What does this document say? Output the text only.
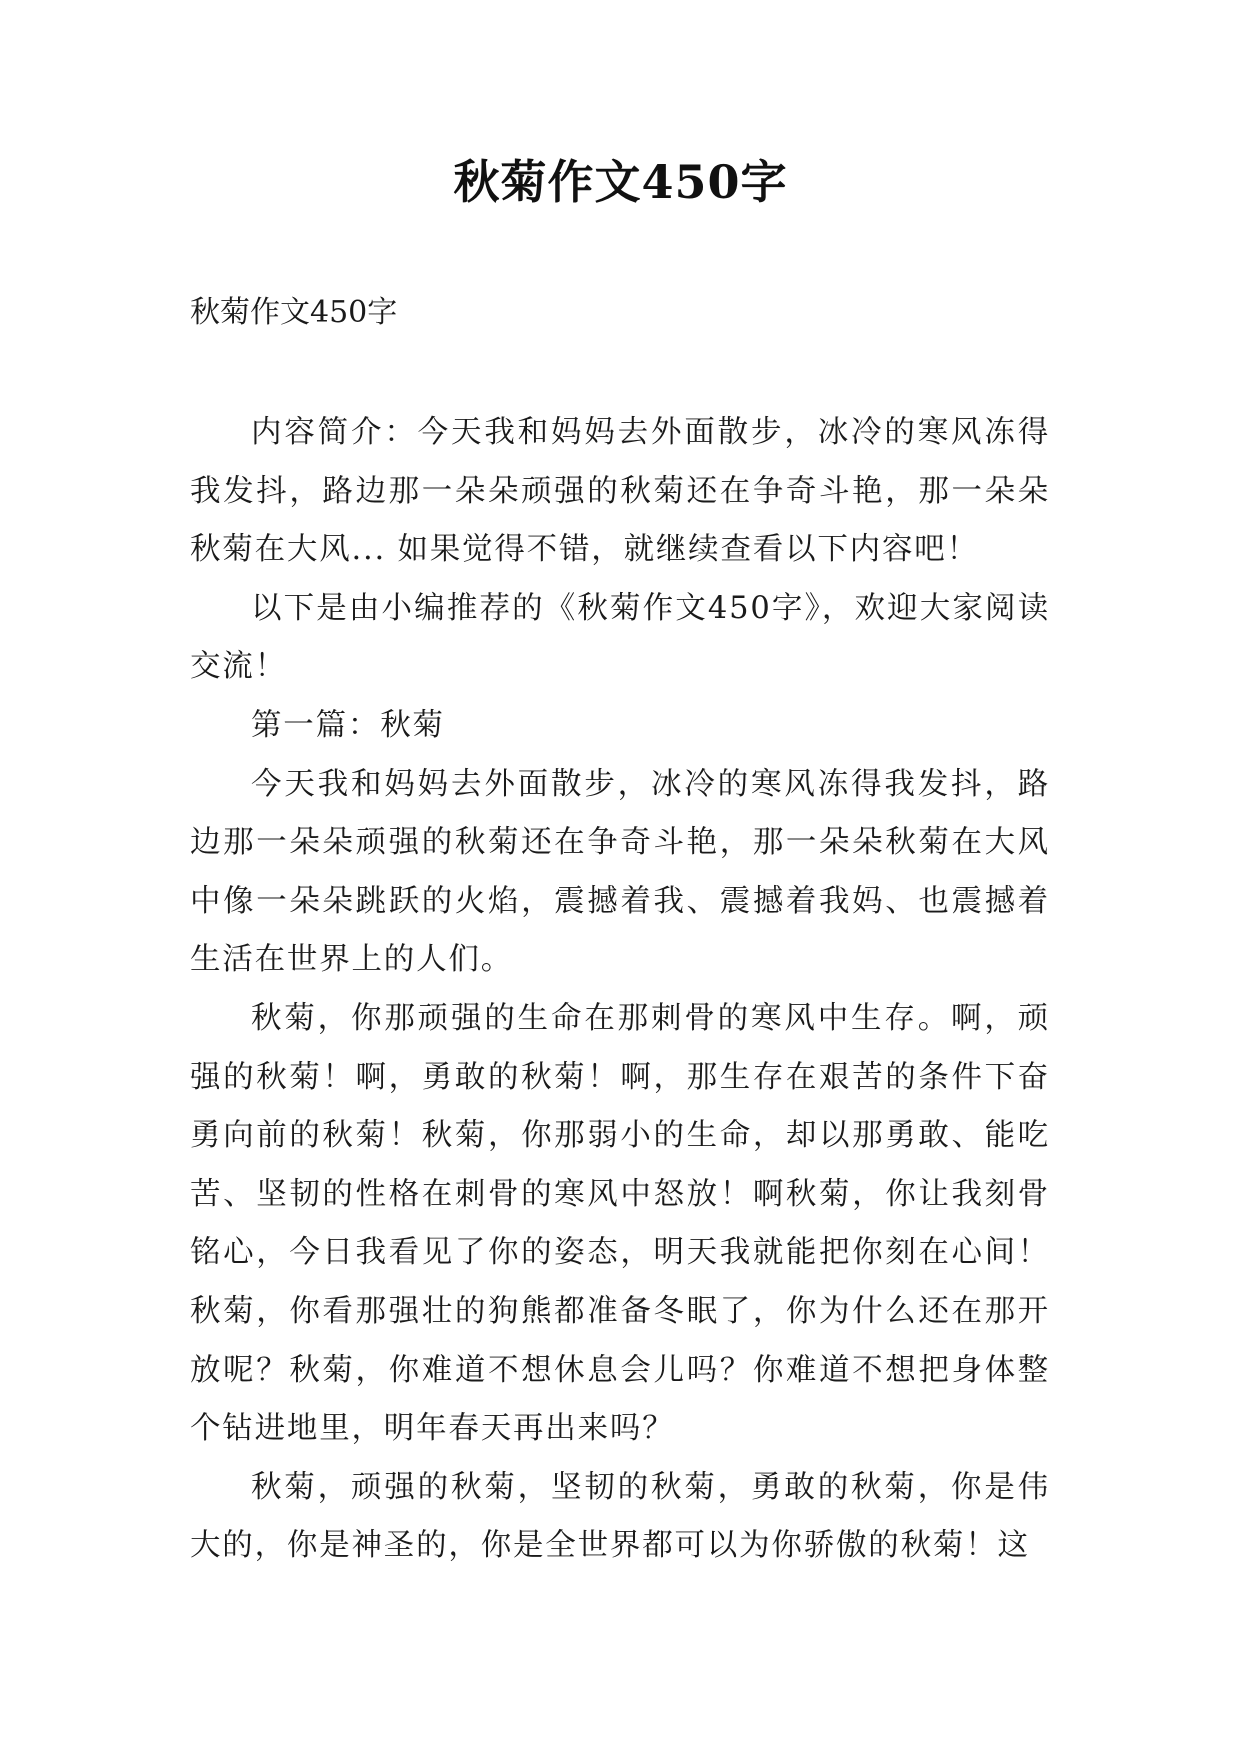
秋菊作文450字
秋菊作文450字

内容简介：今天我和妈妈去外面散步，冰冷的寒风冻得我发抖，路边那一朵朵顽强的秋菊还在争奇斗艳，那一朵朵秋菊在大风... 如果觉得不错，就继续查看以下内容吧！

以下是由小编推荐的《秋菊作文450字》，欢迎大家阅读交流！

第一篇：秋菊

今天我和妈妈去外面散步，冰冷的寒风冻得我发抖，路边那一朵朵顽强的秋菊还在争奇斗艳，那一朵朵秋菊在大风中像一朵朵跳跃的火焰，震撼着我、震撼着我妈、也震撼着生活在世界上的人们。

秋菊，你那顽强的生命在那刺骨的寒风中生存。啊，顽强的秋菊！啊，勇敢的秋菊！啊，那生存在艰苦的条件下奋勇向前的秋菊！秋菊，你那弱小的生命，却以那勇敢、能吃苦、坚韧的性格在刺骨的寒风中怒放！啊秋菊，你让我刻骨铭心，今日我看见了你的姿态，明天我就能把你刻在心间！秋菊，你看那强壮的狗熊都准备冬眠了，你为什么还在那开放呢？秋菊，你难道不想休息会儿吗？你难道不想把身体整个钻进地里，明年春天再出来吗？

秋菊，顽强的秋菊，坚韧的秋菊，勇敢的秋菊，你是伟大的，你是神圣的，你是全世界都可以为你骄傲的秋菊！这
